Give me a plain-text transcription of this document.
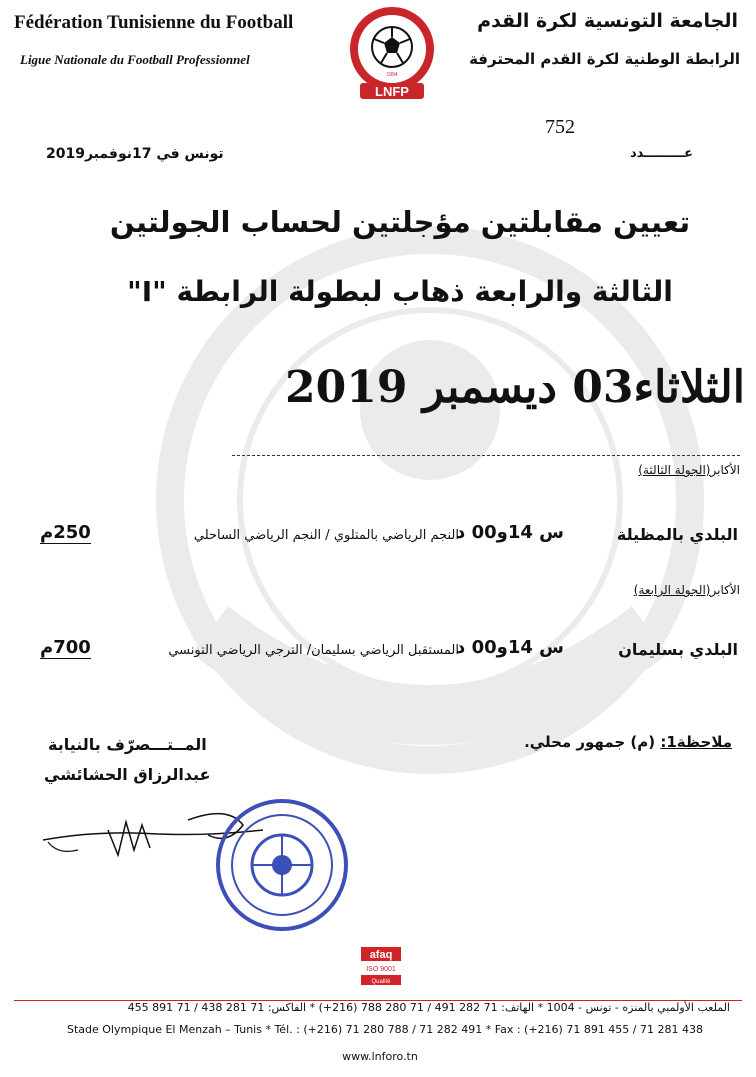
Fédération Tunisienne du Football
Ligue Nationale du Football Professionnel
الجامعة التونسية لكرة القدم
الرابطة الوطنية لكرة القدم المحترفة
LNFP
1994
752
عـــــــــدد
تونس في 17نوفمبر2019
تعيين مقابلتين مؤجلتين لحساب الجولتين
الثالثة والرابعة ذهاب لبطولة الرابطة "I"
الثلاثاء03 ديسمبر 2019
الأكابر(الجولة الثالثة)
البلدي بالمظيلة
س 14و00 د
النجم الرياضي بالمتلوي / النجم الرياضي الساحلي
250م
الأكابر(الجولة الرابعة)
البلدي بسليمان
س 14و00 د
المستقبل الرياضي بسليمان/ الترجي الرياضي التونسي
700م
ملاحظة1: (م) جمهور محلي.
المــتـــصرّف بالنيابة
عبدالرزاق الحشائشي
afaq
ISO 9001
Qualité
الملعب الأولمبي بالمنزه - تونس - 1004 * الهاتف: 71 282 491 / 71 280 788 (216+) * الفاكس: 71 281 438 / 71 891 455
Stade Olympique El Menzah – Tunis * Tél. : (+216) 71 280 788 / 71 282 491 * Fax : (+216) 71 891 455 / 71 281 438
www.lnforo.tn
